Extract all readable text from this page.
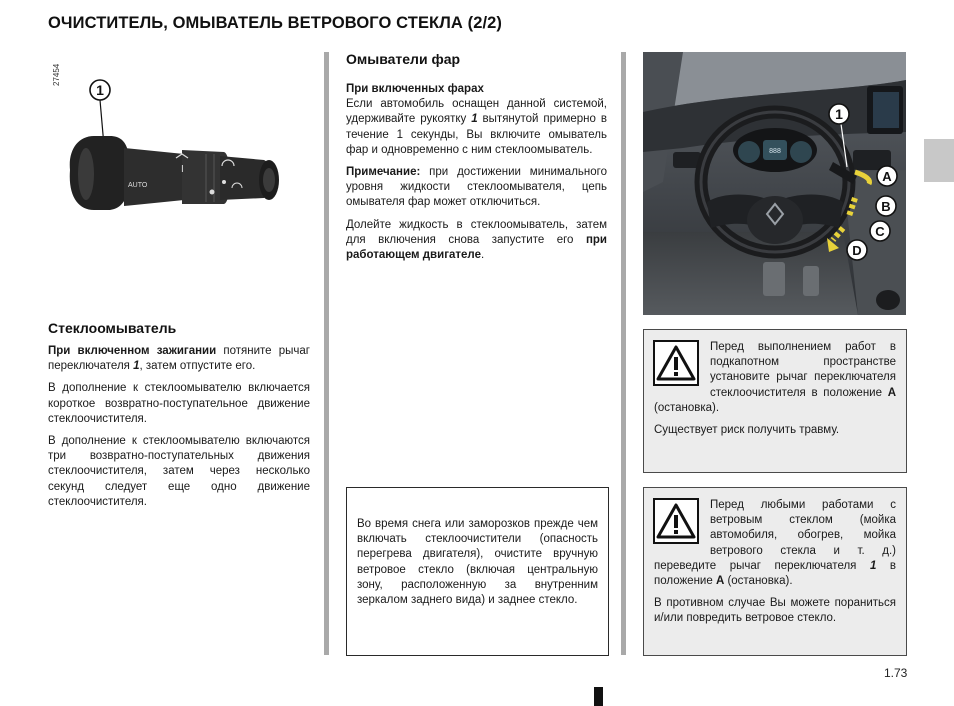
ОЧИСТИТЕЛЬ, ОМЫВАТЕЛЬ ВЕТРОВОГО СТЕКЛА (2/2)
27454
1
AUTO
I
Стеклоомыватель

При включенном зажигании потяните рычаг переключателя 1, затем отпустите его.

В дополнение к стеклоомывателю включается короткое возвратно-поступательное движение стеклоочистителя.

В дополнение к стеклоомывателю включаются три возвратно-поступательных движения стеклоочистителя, затем через несколько секунд следует еще одно движение стеклоочистителя.

Омыватели фар
При включенных фарах

Если автомобиль оснащен данной системой, удерживайте рукоятку 1 вытянутой примерно в течение 1 секунды, Вы включите омыватель фар и одновременно с ним стеклоомыватель.

Примечание: при достижении минимального уровня жидкости стеклоомывателя, цепь омывателя фар может отключиться.

Долейте жидкость в стеклоомыватель, затем для включения снова запустите его при работающем двигателе.

Во время снега или заморозков прежде чем включать стеклоочистители (опасность перегрева двигателя), очистите вручную ветровое стекло (включая центральную зону, расположенную за внутренним зеркалом заднего вида) и заднее стекло.
888
1
A
B
C
D

Перед выполнением работ в подкапотном пространстве установите рычаг переключателя стеклоочистителя в положение A (остановка).

Существует риск получить травму.

Перед любыми работами с ветровым стеклом (мойка автомобиля, обогрев, мойка ветрового стекла и т. д.) переведите рычаг переключателя 1 в положение A (остановка).

В противном случае Вы можете пораниться и/или повредить ветровое стекло.

1.73
